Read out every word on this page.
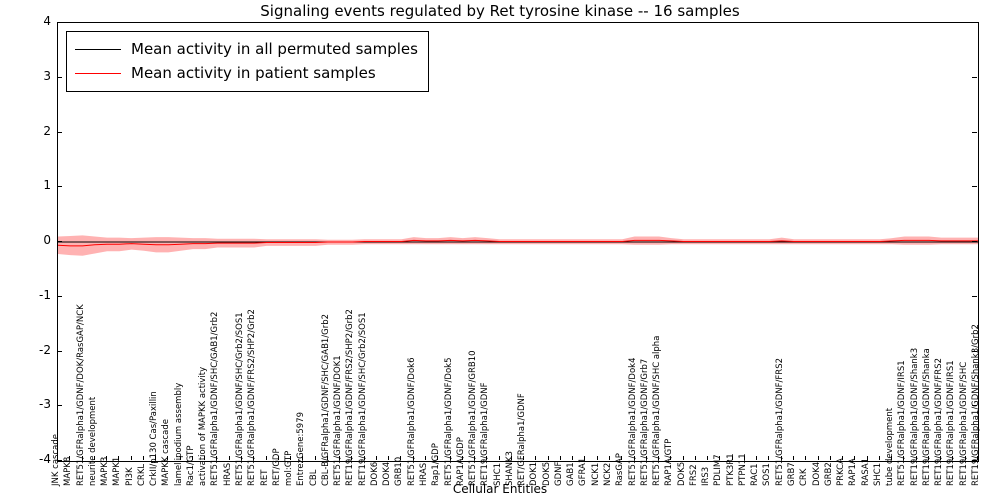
Signaling events regulated by Ret tyrosine kinase -- 16 samples
Cellular Entities
Mean activity in all permuted samples
Mean activity in patient samples
-4
-3
-2
-1
0
1
2
3
4
JNK cascade MAPK8 RET51/GFRalpha1/GDNF/DOK/RasGAP/NCK neurite development MAPK3 MAPK1 PI3K CRKL CrkII/p130 Cas/Paxillin MAPKK cascade lamellipodium assembly Rac1/GTP activation of MAPKK activity RET51/GFRalpha1/GDNF/SHC/GAB1/Grb2 HRAS RET51/GFRalpha1/GDNF/SHC/Grb2/SOS1 RET51/GFRalpha1/GDNF/FRS2/SHP2/Grb2 RET RET/GDP mol:GTP EntrezGene:5979 CBL CBL-B/GFRalpha1/GDNF/SHC/GAB1/Grb2 RET51/GFRalpha1/GDNF/DOK1 RET19/GFRalpha1/GDNF/FRS2/SHP2/Grb2 RET19/GFRalpha1/GDNF/SHC/Grb2/SOS1 DOK6 DOK4 GRB10 RET51/GFRalpha1/GDNF/Dok6 HRAS Rap1/GDP RET51/GFRalpha1/GDNF/Dok5 RAP1A/GDP RET51/GFRalpha1/GDNF/GRB10 RET19/GFRalpha1/GDNF SHC1 SHANK3 RET/GFRalpha1/GDNF DOK1 DOK5 GDNF GAB1 GFRA1 NCK1 NCK2 RasGAP RET51/GFRalpha1/GDNF/Dok4 RET51/GFRalpha1/GDNF/Grb7 RET51/GFRalpha1/GDNF/SHC alpha RAP1A/GTP DOK5 FRS2 IRS3 PDLIM7 PTK3R1 PTPN11 RAC1 SOS1 RET51/GFRalpha1/GDNF/FRS2 GRB7 CRK DOK4 GRB2 PRKCA RAP1A RASA1 SHC1 tube development RET51/GFRalpha1/GDNF/IRS1 RET19/GFRalpha1/GDNF/Shank3 RET19/GFRalpha1/GDNF/Shanka RET19/GFRalpha1/GDNF/FRS2 RET19/GFRalpha1/GDNF/IRS1 RET19/GFRalpha1/GDNF/SHC RET19/GFRalpha1/GDNF/Shank3/Grb2
